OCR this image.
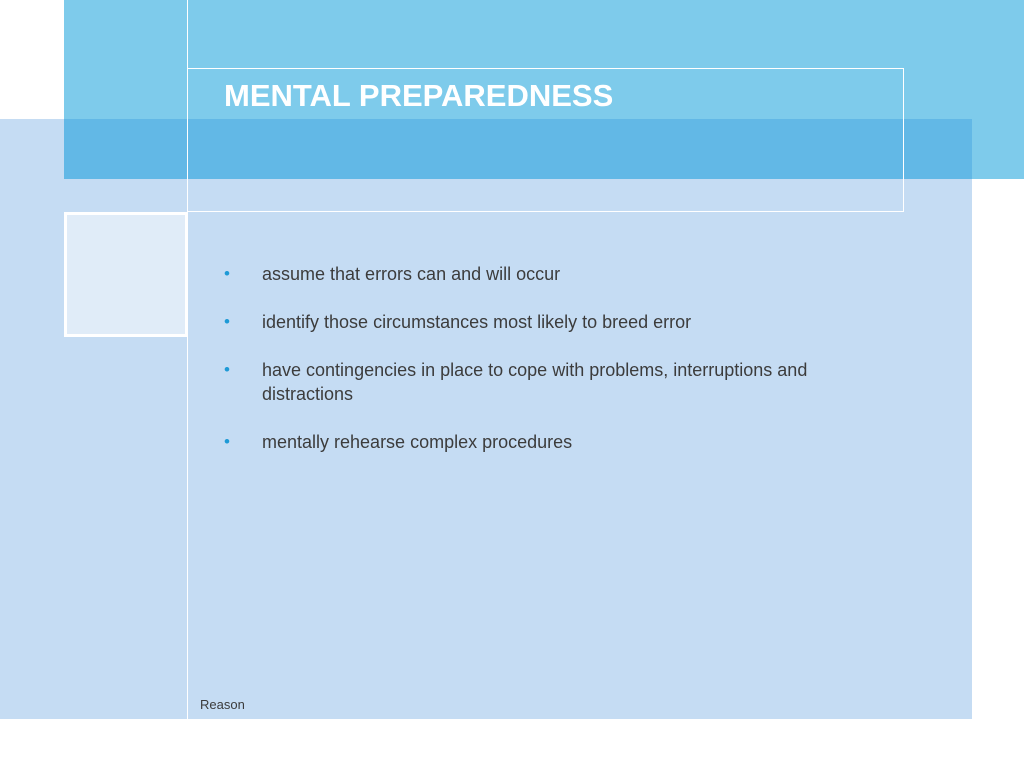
MENTAL PREPAREDNESS
• assume that errors can and will occur
• identify those circumstances most likely to breed error
• have contingencies in place to cope with problems, interruptions and distractions
• mentally rehearse complex procedures
Reason
